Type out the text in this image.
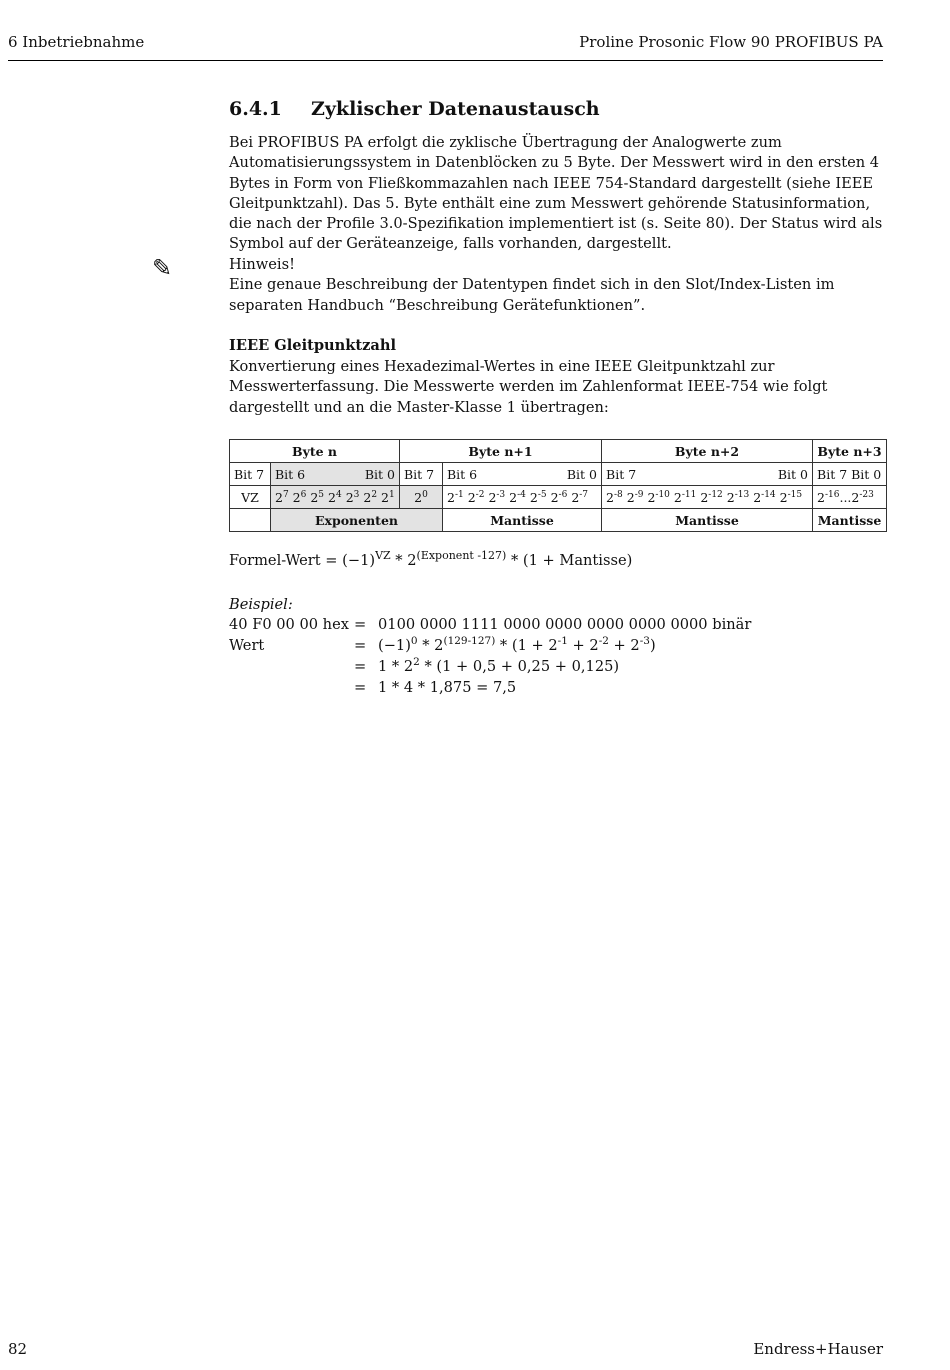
6 Inbetriebnahme	Proline Prosonic Flow 90 PROFIBUS PA
6.4.1 Zyklischer Datenaustausch
Bei PROFIBUS PA erfolgt die zyklische Übertragung der Analogwerte zum Automatisierungssystem in Datenblöcken zu 5 Byte. Der Messwert wird in den ersten 4 Bytes in Form von Fließkommazahlen nach IEEE 754-Standard dargestellt (siehe IEEE Gleitpunktzahl). Das 5. Byte enthält eine zum Messwert gehörende Statusinformation, die nach der Profile 3.0-Spezifikation implementiert ist (s. Seite 80). Der Status wird als Symbol auf der Geräteanzeige, falls vorhanden, dargestellt.
✎	Hinweis!
Eine genaue Beschreibung der Datentypen findet sich in den Slot/Index-Listen im separaten Handbuch “Beschreibung Gerätefunktionen”.
IEEE Gleitpunktzahl
Konvertierung eines Hexadezimal-Wertes in eine IEEE Gleitpunktzahl zur Messwerterfassung. Die Messwerte werden im Zahlenformat IEEE-754 wie folgt dargestellt und an die Master-Klasse 1 übertragen:
Byte n		Byte n+1		Byte n+2	Byte n+3
Bit 7	Bit 6 Bit 0	Bit 7	Bit 6 Bit 0	Bit 7 Bit 0	Bit 7 Bit 0
VZ	$2^7$ $2^6$ $2^5$ $2^4$ $2^3$ $2^2$ $2^1$	$2^0$	$2^{-1}$ $2^{-2}$ $2^{-3}$ $2^{-4}$ $2^{-5}$ $2^{-6}$ $2^{-7}$	$2^{-8}$ $2^{-9}$ $2^{-10}$ $2^{-11}$ $2^{-12}$ $2^{-13}$ $2^{-14}$ $2^{-15}$	$2^{-16}...2^{-23}$
	Exponenten		Mantisse	Mantisse	Mantisse
Formel-Wert = $(-1)^{VZ} * 2^{(Exponent -127)} * (1$ + Mantisse)
Beispiel:
40 F0 00 00 hex = 0100 0000 1111 0000 0000 0000 0000 0000 binär
Wert	= $(-1)^0 * 2^{(129-127)} * (1 + 2^{-1} + 2^{-2} + 2^{-3})$
= $1 * 2^2 * (1 + 0,5 + 0,25 + 0,125)$
= 1 * 4 * 1,875 = 7,5
82	Endress+Hauser
